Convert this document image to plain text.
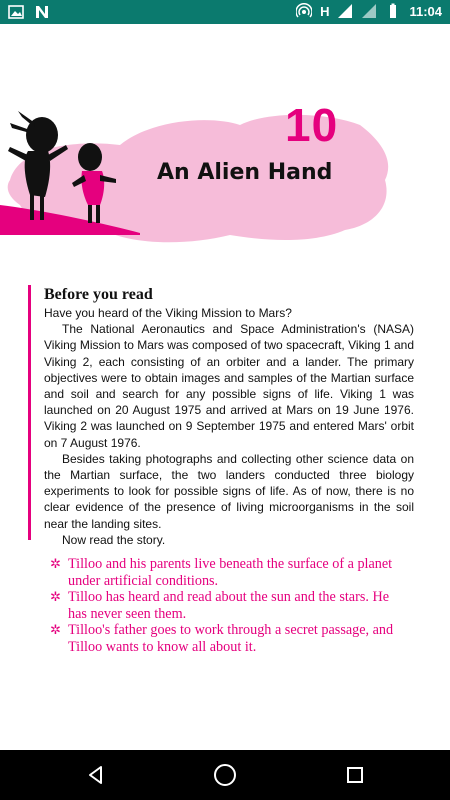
H	11:04
10
An Alien Hand
Before you read

Have you heard of the Viking Mission to Mars?

The National Aeronautics and Space Administration's (NASA) Viking Mission to Mars was composed of two spacecraft, Viking 1 and Viking 2, each consisting of an orbiter and a lander. The primary objectives were to obtain images and samples of the Martian surface and soil and search for any possible signs of life. Viking 1 was launched on 20 August 1975 and arrived at Mars on 19 June 1976. Viking 2 was launched on 9 September 1975 and entered Mars' orbit on 7 August 1976.

Besides taking photographs and collecting other science data on the Martian surface, the two landers conducted three biology experiments to look for possible signs of life. As of now, there is no clear evidence of the presence of living microorganisms in the soil near the landing sites.

Now read the story.

✲ Tilloo and his parents live beneath the surface of a planet under artificial conditions.
✲ Tilloo has heard and read about the sun and the stars. He has never seen them.
✲ Tilloo's father goes to work through a secret passage, and Tilloo wants to know all about it.
